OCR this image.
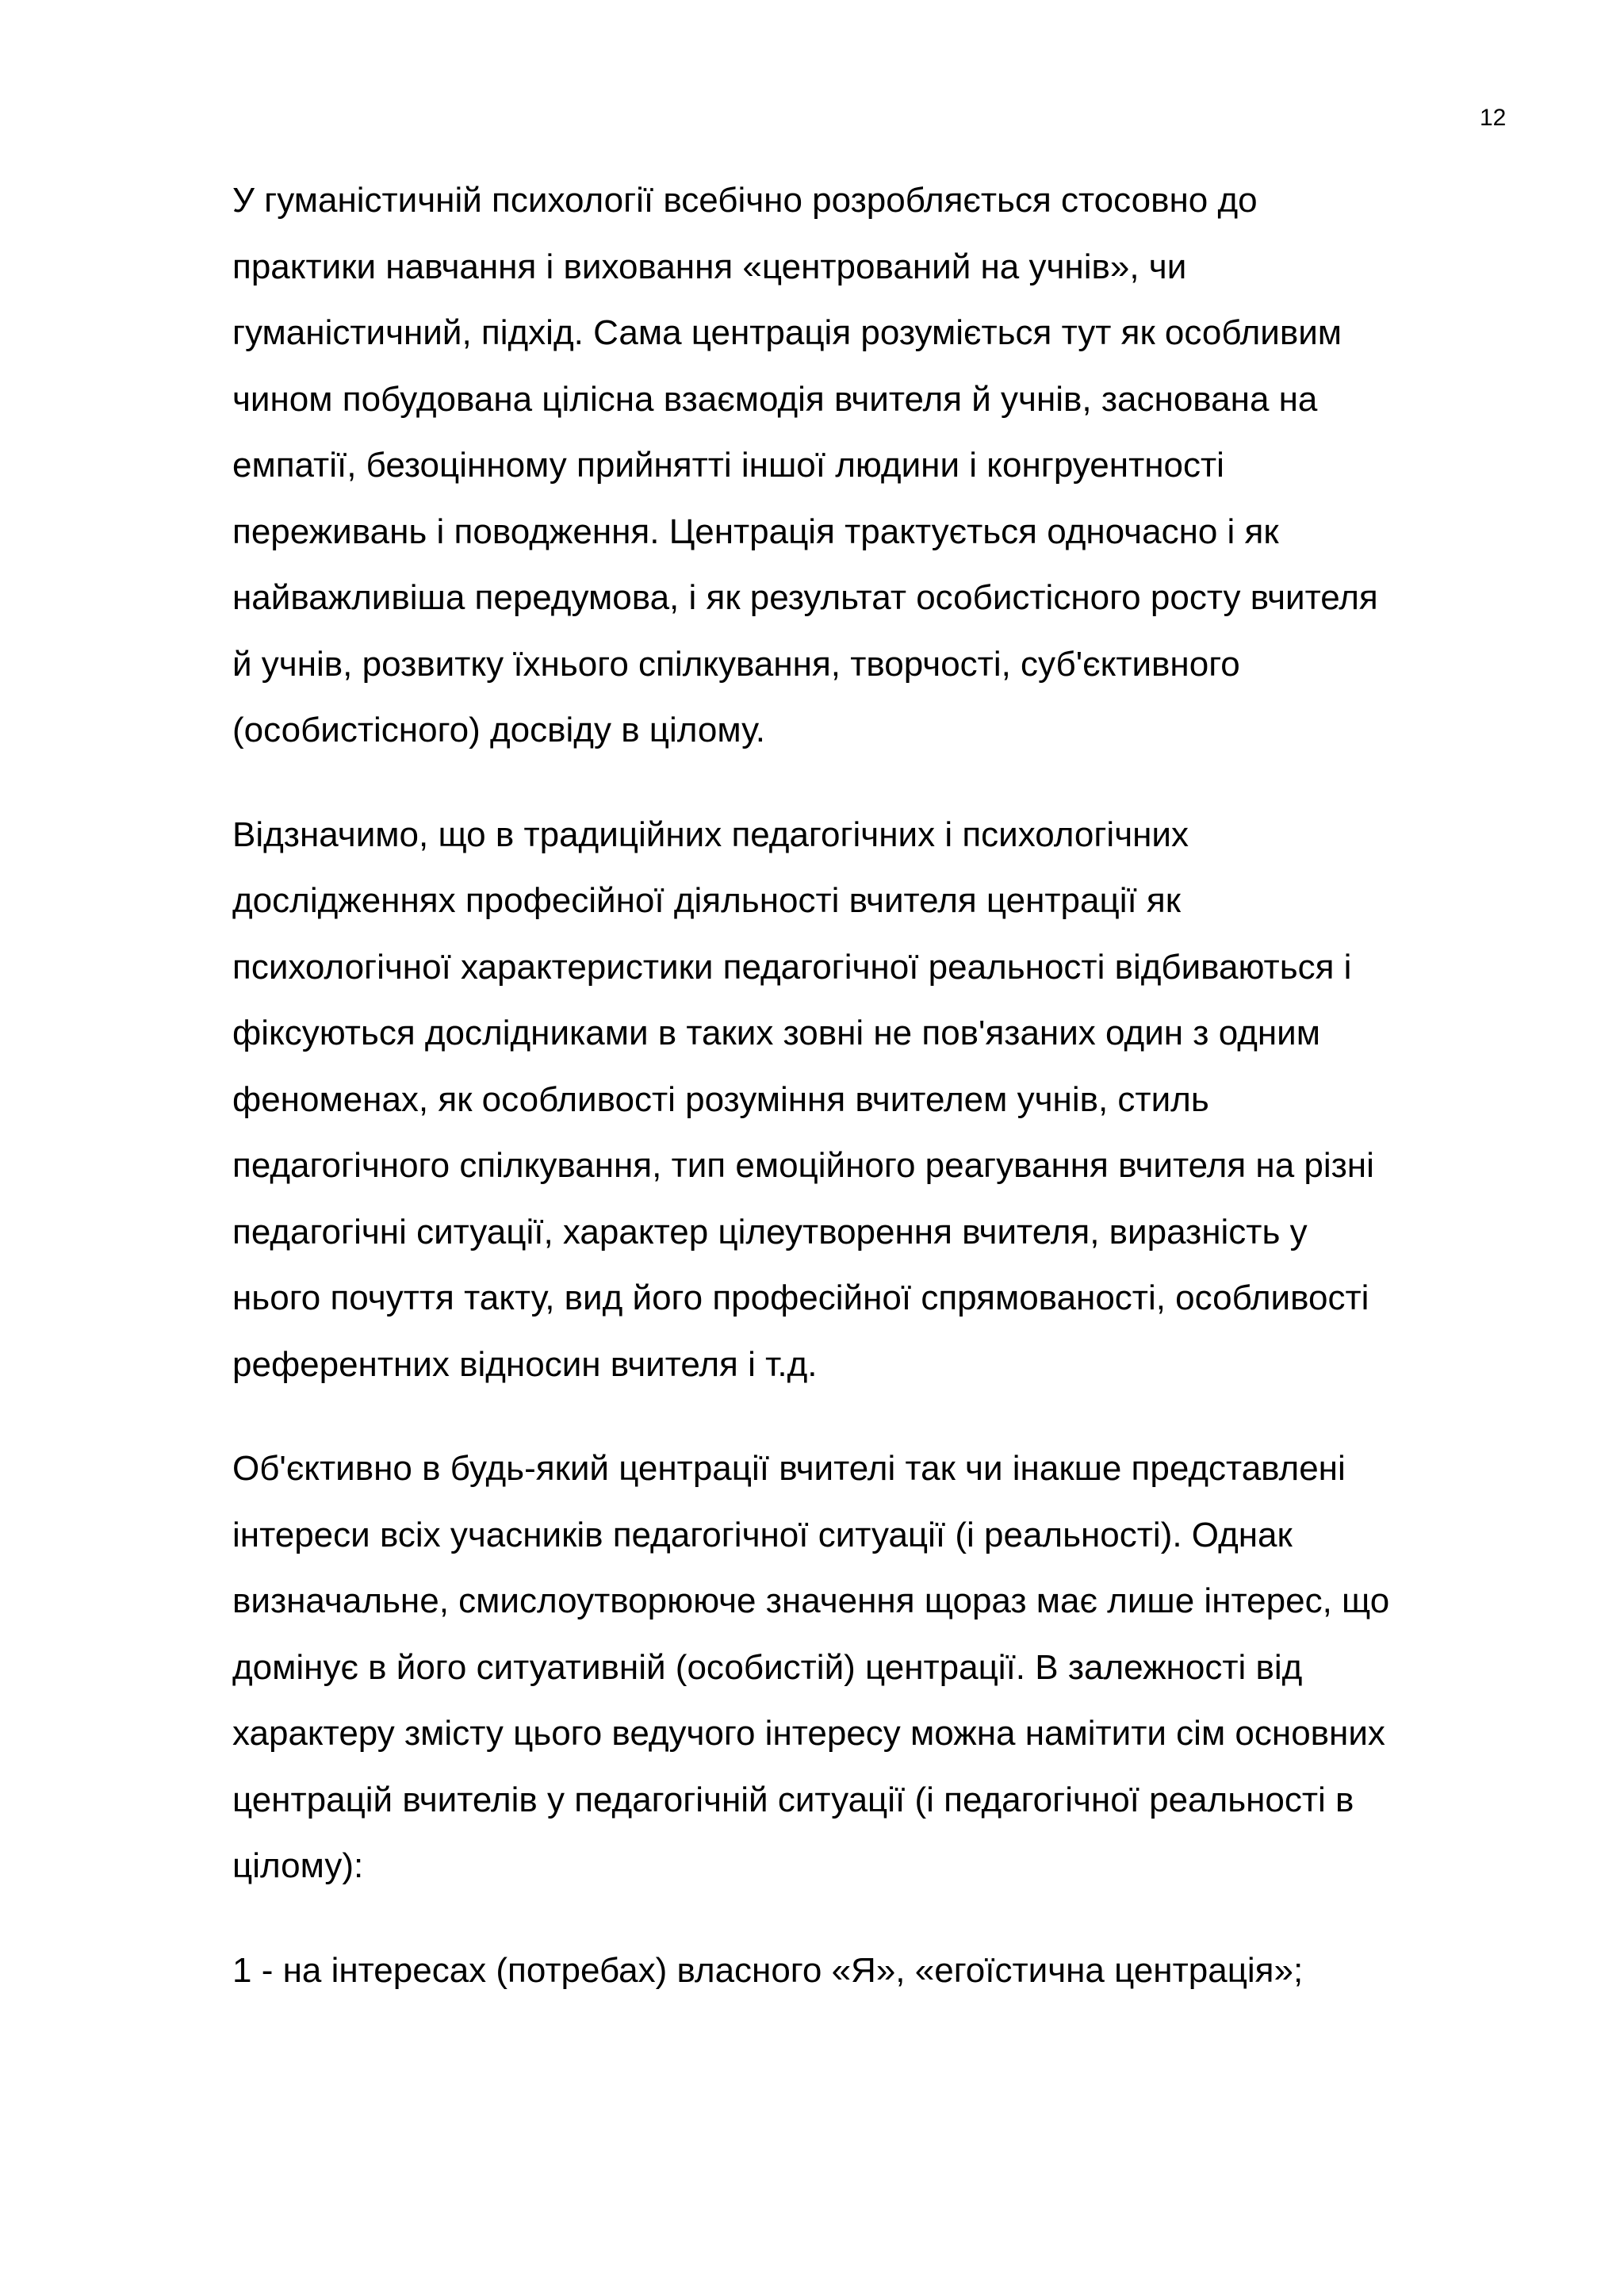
12

У гуманістичній психології всебічно розробляється стосовно до
практики навчання і виховання «центрований на учнів», чи
гуманістичний, підхід. Сама центрація розуміється тут як особливим
чином побудована цілісна взаємодія вчителя й учнів, заснована на
емпатії, безоцінному прийнятті іншої людини і конгруентності
переживань і поводження. Центрація трактується одночасно і як
найважливіша передумова, і як результат особистісного росту вчителя
й учнів, розвитку їхнього спілкування, творчості, суб'єктивного
(особистісного) досвіду в цілому.

Відзначимо, що в традиційних педагогічних і психологічних
дослідженнях професійної діяльності вчителя центрації як
психологічної характеристики педагогічної реальності відбиваються і
фіксуються дослідниками в таких зовні не пов'язаних один з одним
феноменах, як особливості розуміння вчителем учнів, стиль
педагогічного спілкування, тип емоційного реагування вчителя на різні
педагогічні ситуації, характер цілеутворення вчителя, виразність у
нього почуття такту, вид його професійної спрямованості, особливості
референтних відносин вчителя і т.д.

Об'єктивно в будь-який центрації вчителі так чи інакше представлені
інтереси всіх учасників педагогічної ситуації (і реальності). Однак
визначальне, смислоутворююче значення щораз має лише інтерес, що
домінує в його ситуативній (особистій) центрації. В залежності від
характеру змісту цього ведучого інтересу можна намітити сім основних
центрацій вчителів у педагогічній ситуації (і педагогічної реальності в
цілому):

1 - на інтересах (потребах) власного «Я», «егоїстична центрація»;
